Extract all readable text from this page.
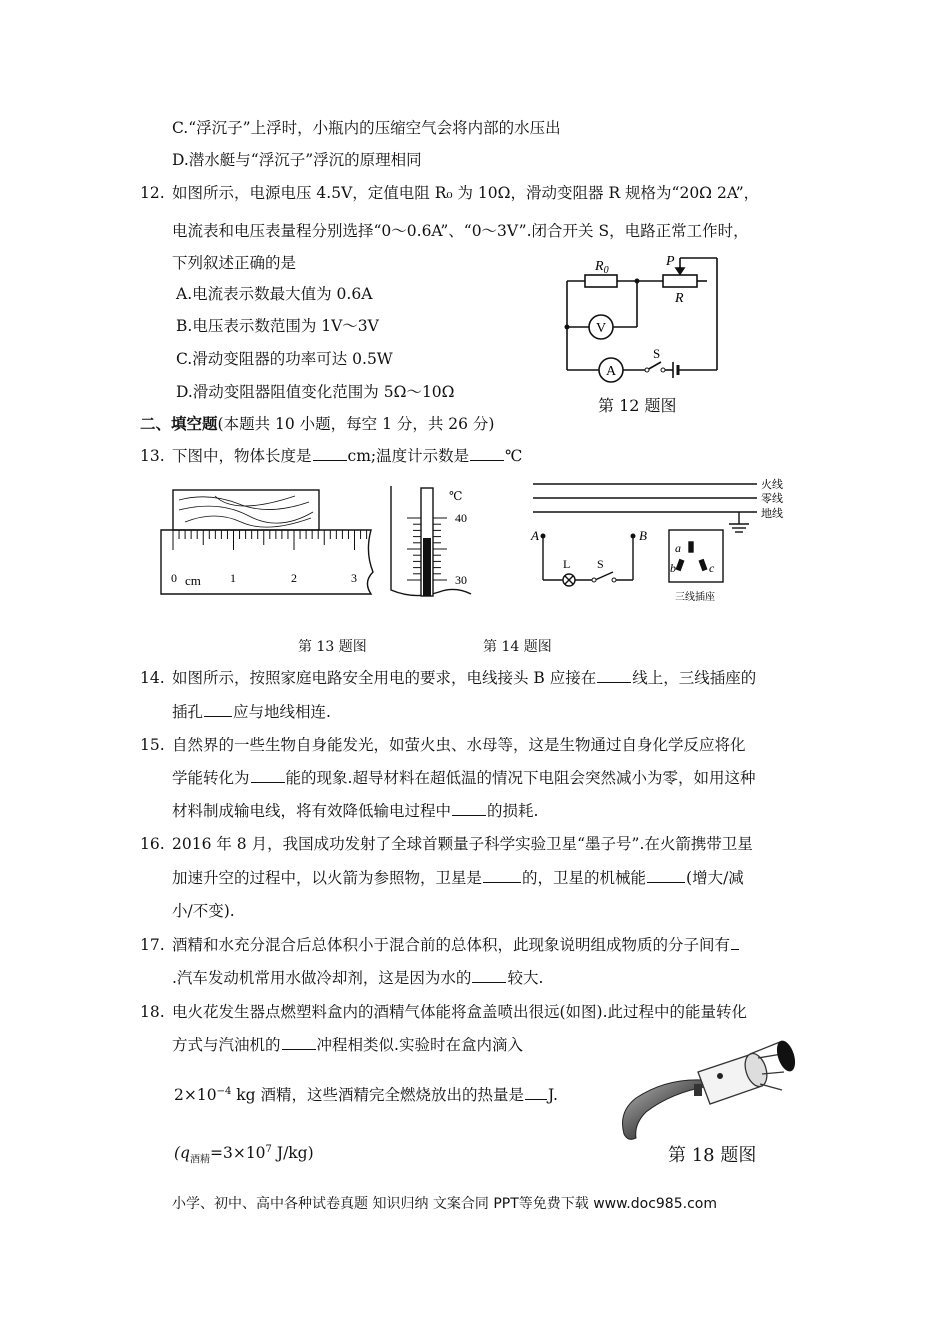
C.“浮沉子”上浮时，小瓶内的压缩空气会将内部的水压出
D.潜水艇与“浮沉子”浮沉的原理相同
12. 如图所示，电源电压 4.5V，定值电阻 R₀ 为 10Ω，滑动变阻器 R 规格为“20Ω 2A”，
电流表和电压表量程分别选择“0～0.6A”、“0～3V”.闭合开关 S，电路正常工作时，
下列叙述正确的是
A.电流表示数最大值为 0.6A
B.电压表示数范围为 1V～3V
C.滑动变阻器的功率可达 0.5W
D.滑动变阻器阻值变化范围为 5Ω～10Ω
$R_0$
P
R
V
A
S
第 12 题图
二、填空题(本题共 10 小题，每空 1 分，共 26 分)
13. 下图中，物体长度是 cm;温度计示数是 ℃
0 cm 1	2	3
℃
40
30
火线
零线
地线
A	B
L S
a
b	c
三线插座
第 13 题图	第 14 题图
14. 如图所示，按照家庭电路安全用电的要求，电线接头 B 应接在 线上，三线插座的
插孔 应与地线相连.
15. 自然界的一些生物自身能发光，如萤火虫、水母等，这是生物通过自身化学反应将化
学能转化为 能的现象.超导材料在超低温的情况下电阻会突然减小为零，如用这种
材料制成输电线，将有效降低输电过程中 的损耗.
16. 2016 年 8 月，我国成功发射了全球首颗量子科学实验卫星“墨子号”.在火箭携带卫星
加速升空的过程中，以火箭为参照物，卫星是	的，卫星的机械能	(增大/减
小/不变).
17. 酒精和水充分混合后总体积小于混合前的总体积，此现象说明组成物质的分子间有
.汽车发动机常用水做冷却剂，这是因为水的 较大.
18. 电火花发生器点燃塑料盒内的酒精气体能将盒盖喷出很远(如图).此过程中的能量转化
方式与汽油机的 冲程相类似.实验时在盒内滴入
$2\times 10^{-4}$ kg 酒精，这些酒精完全燃烧放出的热量是 J.
($q_{酒精}=3\times 10^7$ J/kg)	第 18 题图
小学、初中、高中各种试卷真题 知识归纳 文案合同 PPT等免费下载 www.doc985.com
